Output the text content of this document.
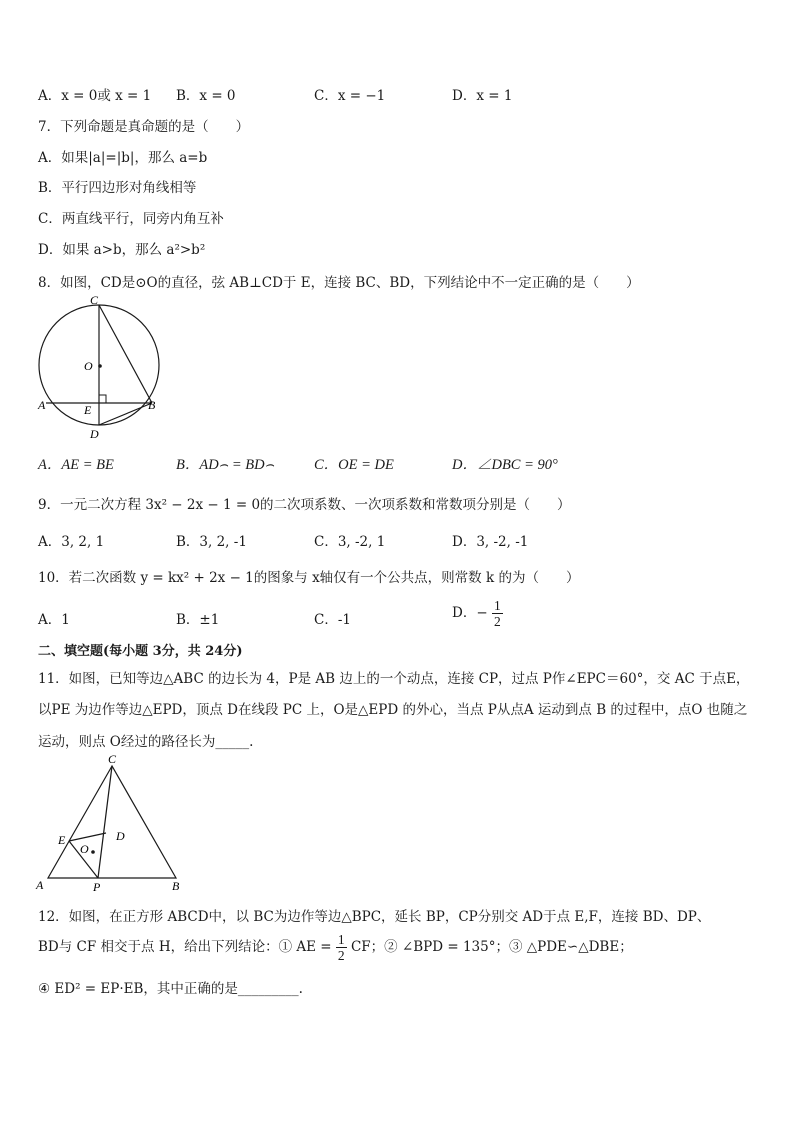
A．x = 0或 x = 1 B．x = 0	C．x = −1	D．x = 1
7．下列命题是真命题的是（　　）
A．如果|a|=|b|，那么 a=b
B．平行四边形对角线相等
C．两直线平行，同旁内角互补
D．如果 a>b，那么 a²>b²
8．如图，CD是⊙O的直径，弦 AB⊥CD于 E，连接 BC、BD，下列结论中不一定正确的是（　　）
C
O
A	E	B
D
A．AE = BE	B．AD⌢ = BD⌢	C．OE = DE	D．∠DBC = 90°
9．一元二次方程 3x² − 2x − 1 = 0的二次项系数、一次项系数和常数项分别是（　　）
A．3, 2, 1	B．3, 2, -1	C．3, -2, 1	D．3, -2, -1
10．若二次函数 y = kx² + 2x − 1的图象与 x轴仅有一个公共点，则常数 k 的为（　　）
A．1	B．±1	C．-1	D．− $\frac{1}{2}$
二、填空题(每小题 3分，共 24分)
11．如图，已知等边△ABC 的边长为 4，P是 AB 边上的一个动点，连接 CP，过点 P作∠EPC＝60°，交 AC 于点E，
以PE 为边作等边△EPD，顶点 D在线段 PC 上，O是△EPD 的外心，当点 P从点A 运动到点 B 的过程中，点O 也随之
运动，则点 O经过的路径长为_____.
C
E	D
O
A	P	B
12．如图，在正方形 ABCD中，以 BC为边作等边△BPC，延长 BP，CP分别交 AD于点 E,F，连接 BD、DP、
BD与 CF 相交于点 H，给出下列结论：① AE = $\frac{1}{2}$ CF；② ∠BPD = 135°；③ △PDE∽△DBE；
④ ED² = EP·EB，其中正确的是_________.
